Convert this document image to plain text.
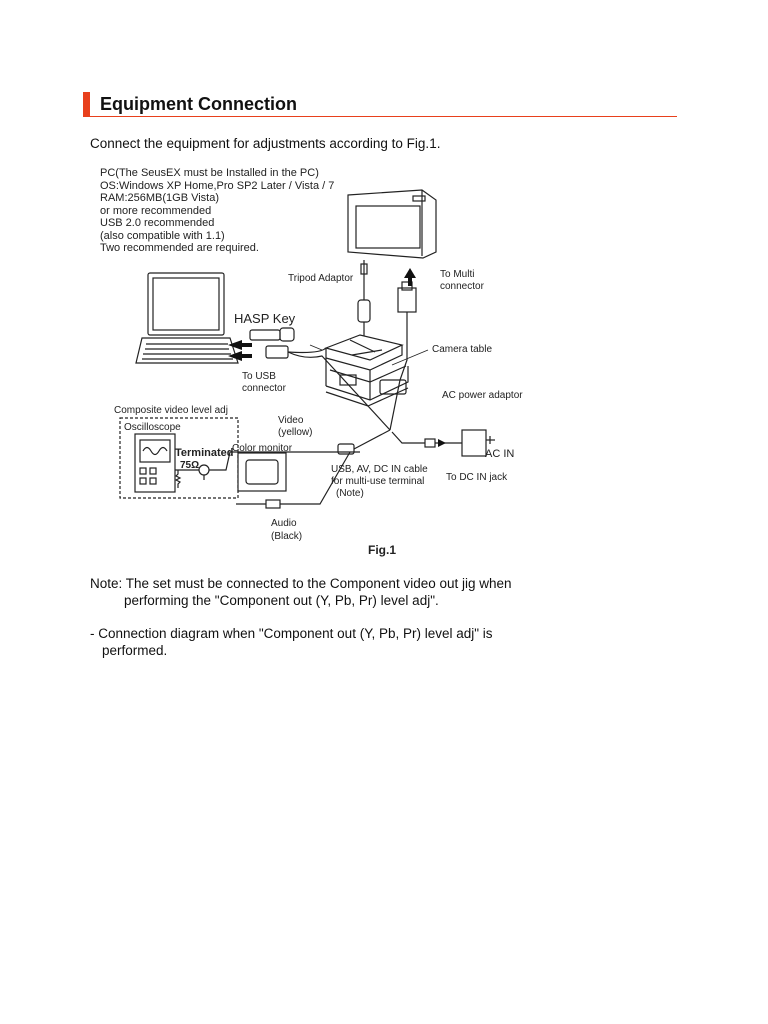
Equipment Connection
Connect the equipment for adjustments according to Fig.1.
PC(The SeusEX must be Installed in the PC)
OS:Windows XP Home,Pro SP2 Later / Vista / 7
RAM:256MB(1GB Vista)
or more recommended
USB 2.0 recommended
(also compatible with 1.1)
Two recommended are required.
Tripod Adaptor	To Multi
connector
HASP Key
Camera table
To USB
connector
AC power adaptor
Composite video level adj
Oscilloscope
Terminated
75Ω
Video
(yellow)
Color monitor	AC IN
USB, AV, DC IN cable
for multi-use terminal
(Note)
To DC IN jack
Audio
(Black)
Fig.1
Note: The set must be connected to the Component video out jig when
performing the "Component out (Y, Pb, Pr) level adj".
- Connection diagram when "Component out (Y, Pb, Pr) level adj" is
performed.
